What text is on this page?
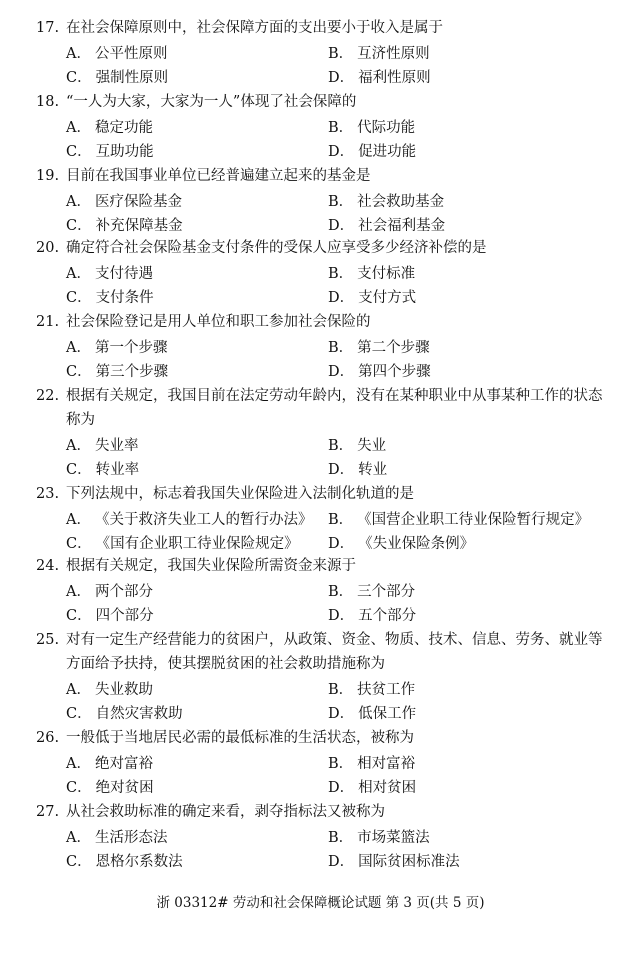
17. 在社会保障原则中，社会保障方面的支出要小于收入是属于
A． 公平性原则	B． 互济性原则
C． 强制性原则	D． 福利性原则
18. “一人为大家，大家为一人”体现了社会保障的
A． 稳定功能	B． 代际功能
C． 互助功能	D． 促进功能
19. 目前在我国事业单位已经普遍建立起来的基金是
A． 医疗保险基金	B． 社会救助基金
C． 补充保障基金	D． 社会福利基金
20. 确定符合社会保险基金支付条件的受保人应享受多少经济补偿的是
A． 支付待遇	B． 支付标准
C． 支付条件	D． 支付方式
21. 社会保险登记是用人单位和职工参加社会保险的
A． 第一个步骤	B． 第二个步骤
C． 第三个步骤	D． 第四个步骤
22. 根据有关规定，我国目前在法定劳动年龄内，没有在某种职业中从事某种工作的状态称为
A． 失业率	B． 失业
C． 转业率	D． 转业
23. 下列法规中，标志着我国失业保险进入法制化轨道的是
A． 《关于救济失业工人的暂行办法》 B． 《国营企业职工待业保险暂行规定》
C． 《国有企业职工待业保险规定》 D． 《失业保险条例》
24. 根据有关规定，我国失业保险所需资金来源于
A． 两个部分	B． 三个部分
C． 四个部分	D． 五个部分
25. 对有一定生产经营能力的贫困户，从政策、资金、物质、技术、信息、劳务、就业等方面给予扶持，使其摆脱贫困的社会救助措施称为
A． 失业救助	B． 扶贫工作
C． 自然灾害救助	D． 低保工作
26. 一般低于当地居民必需的最低标准的生活状态，被称为
A． 绝对富裕	B． 相对富裕
C． 绝对贫困	D． 相对贫困
27. 从社会救助标准的确定来看，剥夺指标法又被称为
A． 生活形态法	B． 市场菜篮法
C． 恩格尔系数法	D． 国际贫困标准法
浙 03312# 劳动和社会保障概论试题 第 3 页(共 5 页)
